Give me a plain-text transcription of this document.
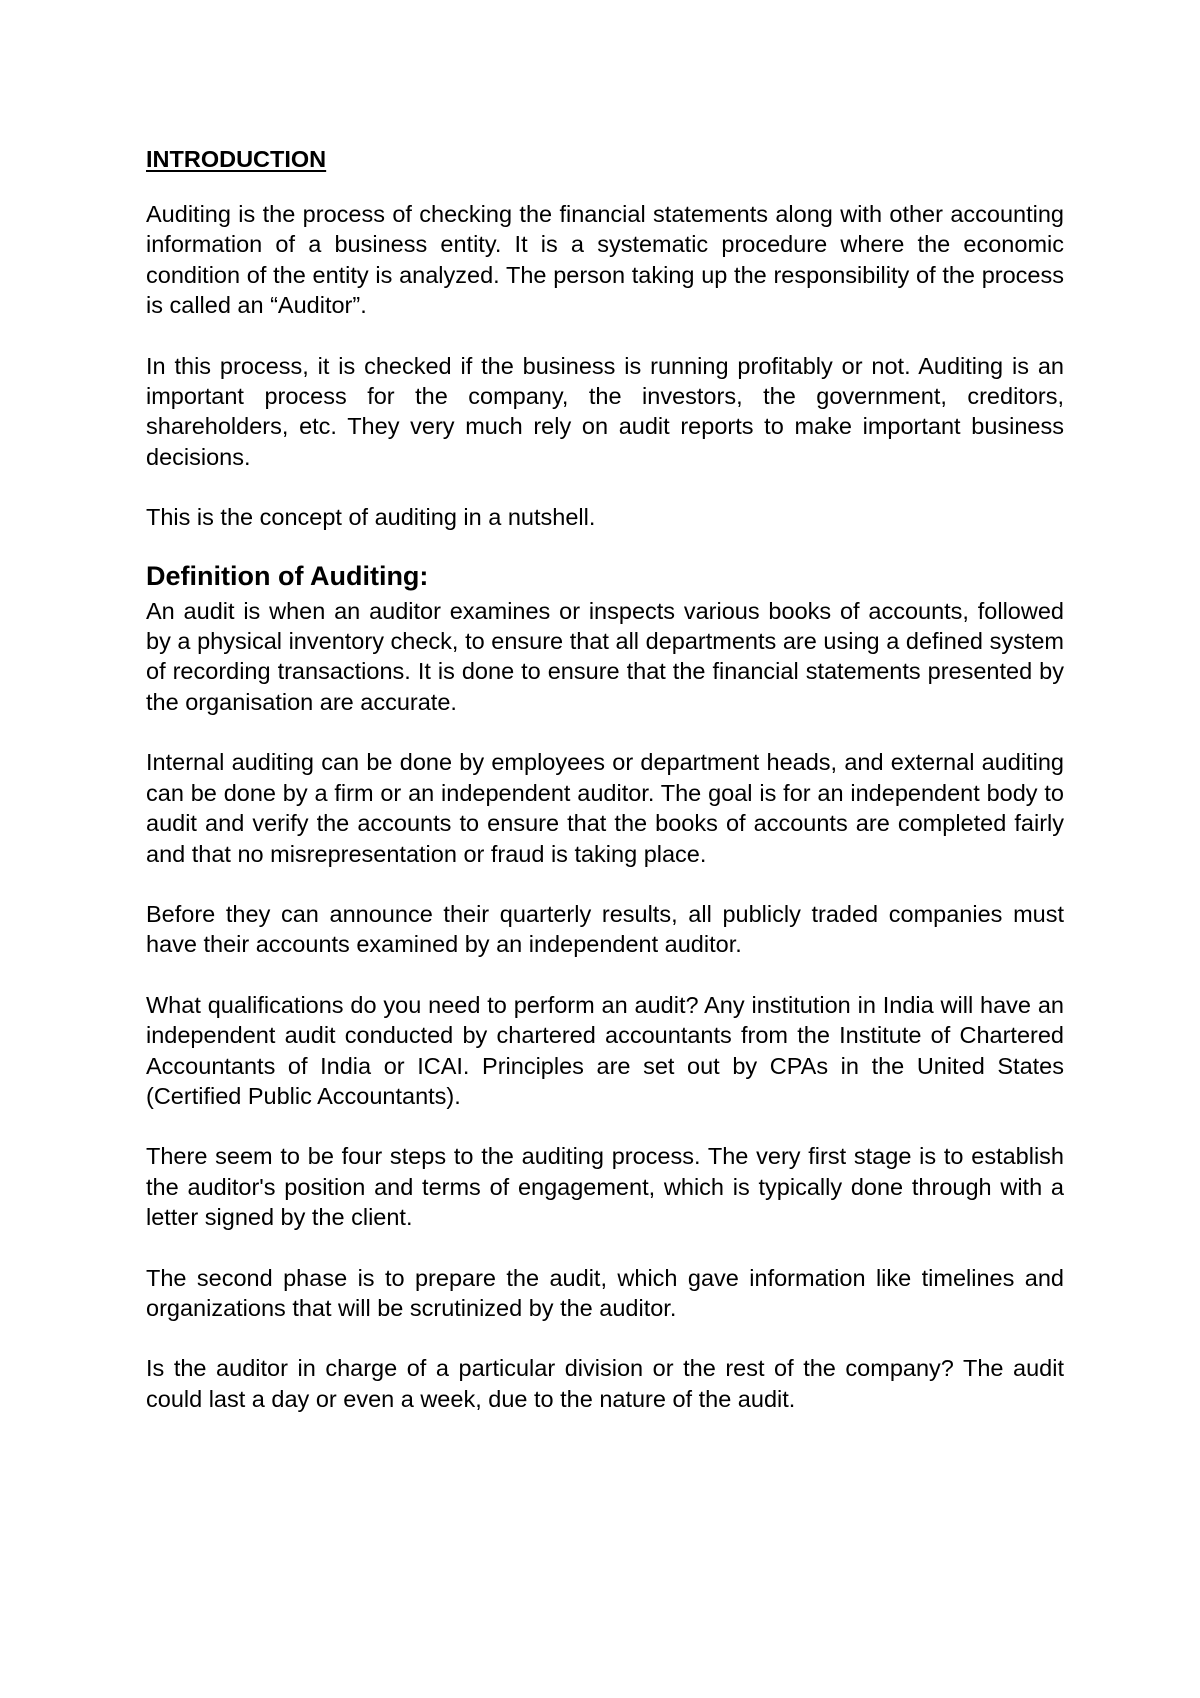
INTRODUCTION

Auditing is the process of checking the financial statements along with other accounting information of a business entity. It is a systematic procedure where the economic condition of the entity is analyzed. The person taking up the responsibility of the process is called an “Auditor”.

In this process, it is checked if the business is running profitably or not. Auditing is an important process for the company, the investors, the government, creditors, shareholders, etc. They very much rely on audit reports to make important business decisions.

This is the concept of auditing in a nutshell.

Definition of Auditing:

An audit is when an auditor examines or inspects various books of accounts, followed by a physical inventory check, to ensure that all departments are using a defined system of recording transactions. It is done to ensure that the financial statements presented by the organisation are accurate.

Internal auditing can be done by employees or department heads, and external auditing can be done by a firm or an independent auditor. The goal is for an independent body to audit and verify the accounts to ensure that the books of accounts are completed fairly and that no misrepresentation or fraud is taking place.

Before they can announce their quarterly results, all publicly traded companies must have their accounts examined by an independent auditor.

What qualifications do you need to perform an audit? Any institution in India will have an independent audit conducted by chartered accountants from the Institute of Chartered Accountants of India or ICAI. Principles are set out by CPAs in the United States (Certified Public Accountants).

There seem to be four steps to the auditing process. The very first stage is to establish the auditor's position and terms of engagement, which is typically done through with a letter signed by the client.

The second phase is to prepare the audit, which gave information like timelines and organizations that will be scrutinized by the auditor.

Is the auditor in charge of a particular division or the rest of the company? The audit could last a day or even a week, due to the nature of the audit.
